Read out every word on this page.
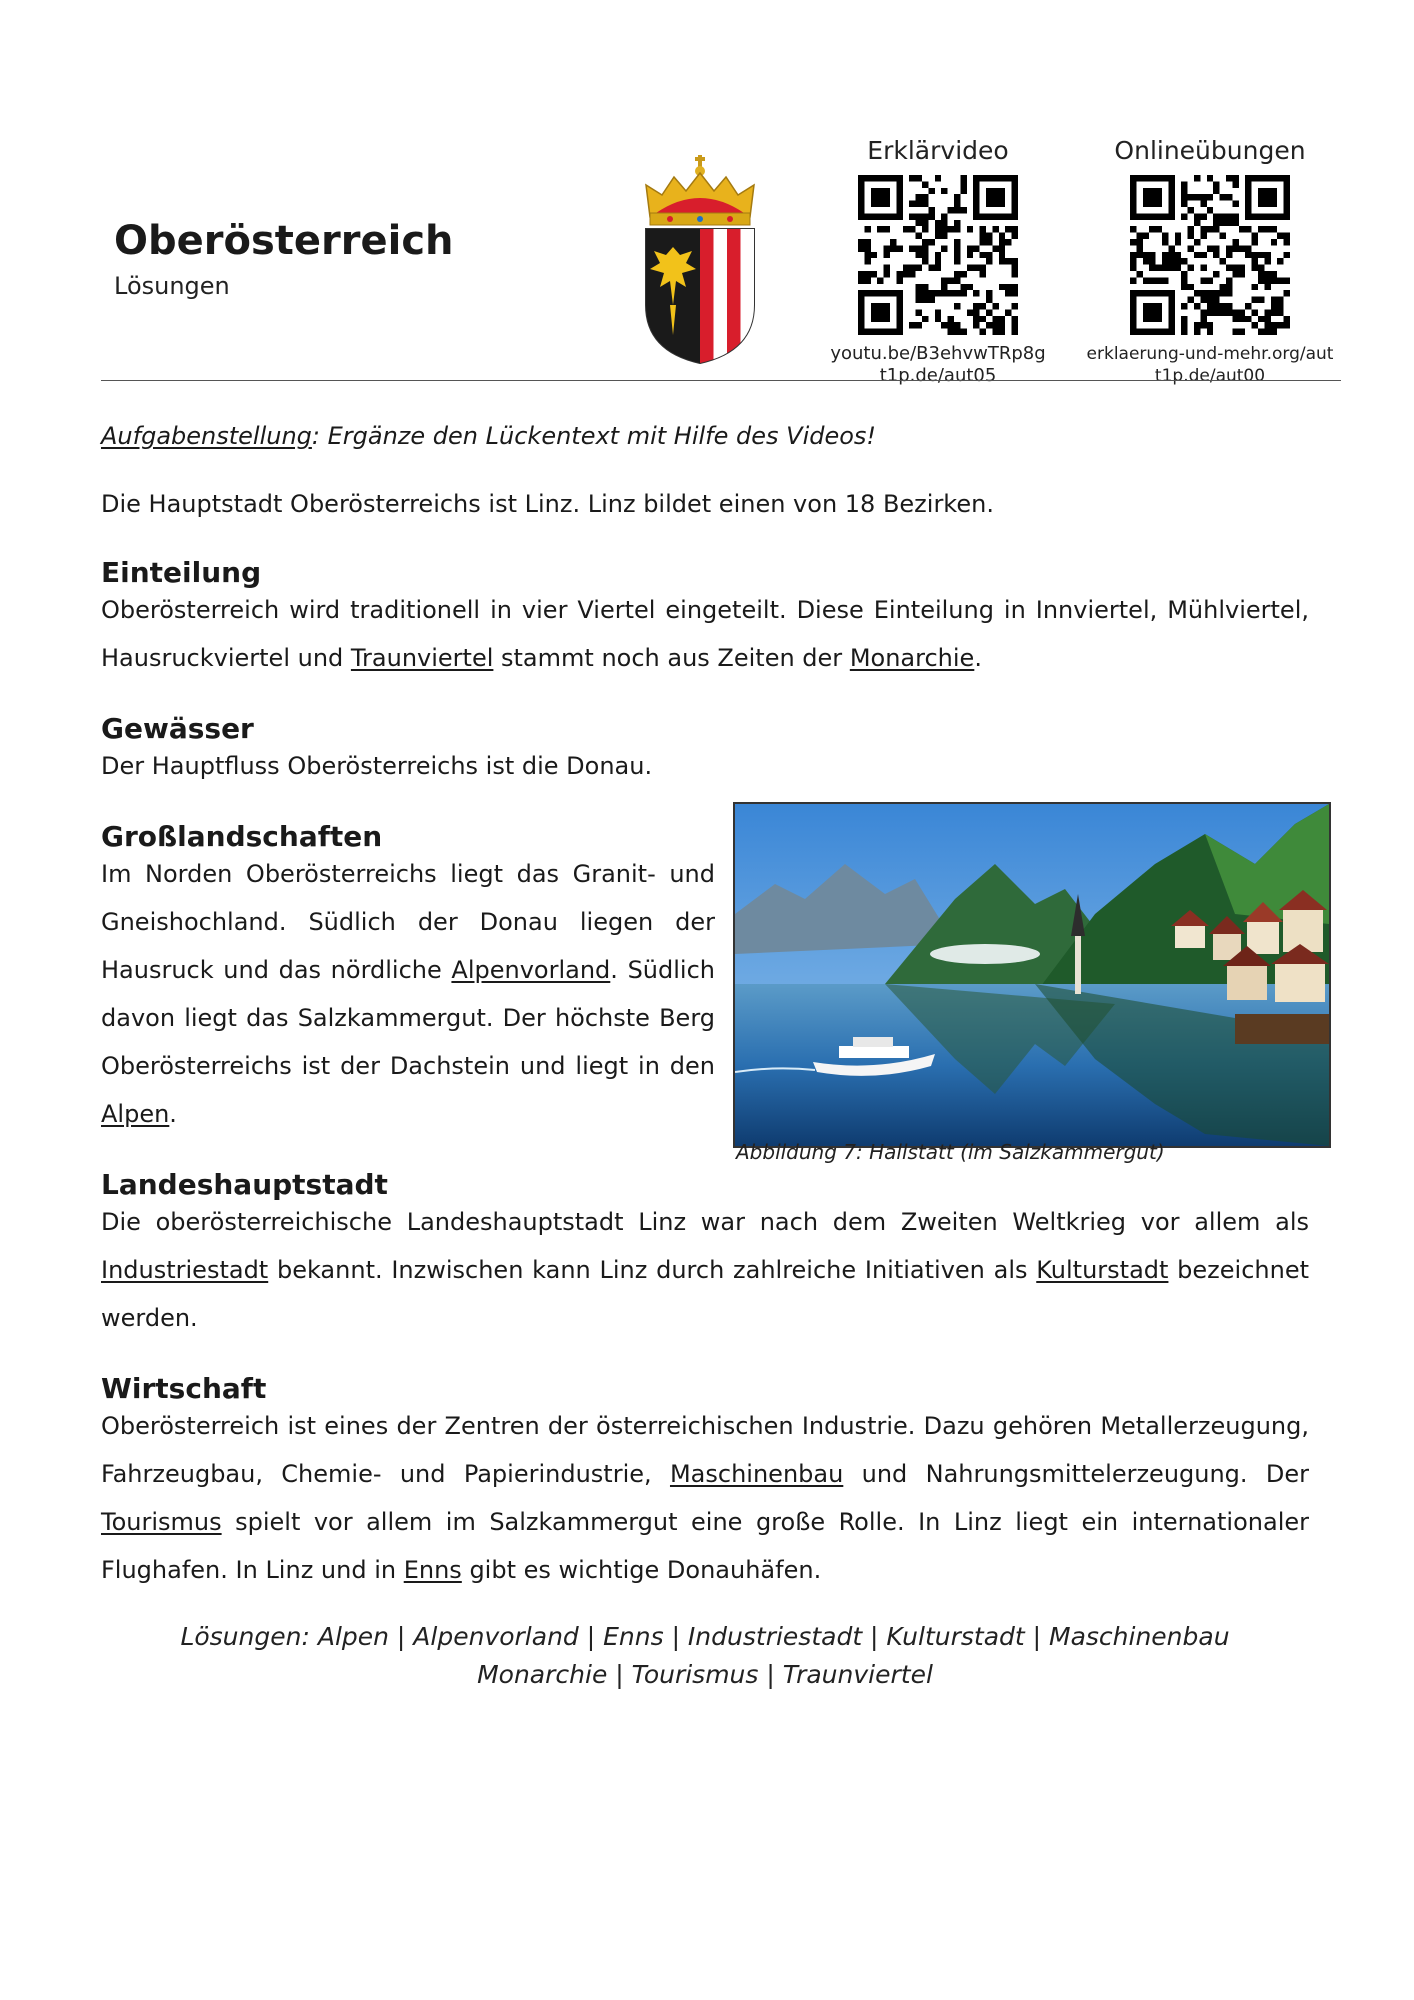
Oberösterreich
Lösungen
Erklärvideo
youtu.be/B3ehvwTRp8g
t1p.de/aut05
Onlineübungen
erklaerung-und-mehr.org/aut
t1p.de/aut00
Aufgabenstellung: Ergänze den Lückentext mit Hilfe des Videos!
Die Hauptstadt Oberösterreichs ist Linz. Linz bildet einen von 18 Bezirken.
Einteilung
Oberösterreich wird traditionell in vier Viertel eingeteilt. Diese Einteilung in Innviertel, Mühlviertel, Hausruckviertel und Traunviertel stammt noch aus Zeiten der Monarchie.
Gewässer
Der Hauptfluss Oberösterreichs ist die Donau.
Großlandschaften
Im Norden Oberösterreichs liegt das Granit- und Gneishochland. Südlich der Donau liegen der Hausruck und das nördliche Alpenvorland. Südlich davon liegt das Salzkammergut. Der höchste Berg Oberösterreichs ist der Dachstein und liegt in den Alpen.
Abbildung 7: Hallstatt (im Salzkammergut)
Landeshauptstadt
Die oberösterreichische Landeshauptstadt Linz war nach dem Zweiten Weltkrieg vor allem als Industriestadt bekannt. Inzwischen kann Linz durch zahlreiche Initiativen als Kulturstadt bezeichnet werden.
Wirtschaft
Oberösterreich ist eines der Zentren der österreichischen Industrie. Dazu gehören Metallerzeugung, Fahrzeugbau, Chemie- und Papierindustrie, Maschinenbau und Nahrungsmittelerzeugung. Der Tourismus spielt vor allem im Salzkammergut eine große Rolle. In Linz liegt ein internationaler Flughafen. In Linz und in Enns gibt es wichtige Donauhäfen.
Lösungen: Alpen | Alpenvorland | Enns | Industriestadt | Kulturstadt | Maschinenbau
Monarchie | Tourismus | Traunviertel
